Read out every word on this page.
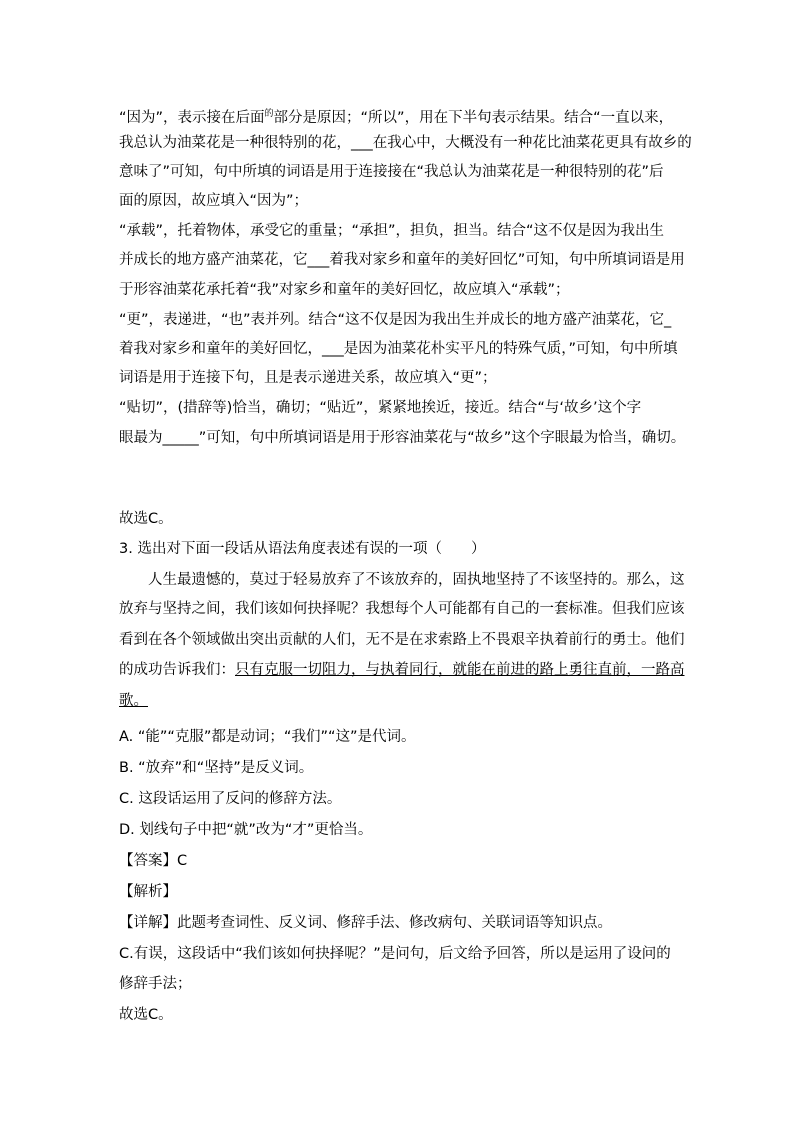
“因为”，表示接在后面$^的$部分是原因；“所以”，用在下半句表示结果。结合“一直以来，
我总认为油菜花是一种很特别的花，___在我心中，大概没有一种花比油菜花更具有故乡的
意味了”可知，句中所填的词语是用于连接接在“我总认为油菜花是一种很特别的花”后
面的原因，故应填入“因为”；
“承载”，托着物体，承受它的重量；“承担”，担负，担当。结合“这不仅是因为我出生
并成长的地方盛产油菜花，它___着我对家乡和童年的美好回忆”可知，句中所填词语是用
于形容油菜花承托着“我”对家乡和童年的美好回忆，故应填入“承载”；
“更”，表递进，“也”表并列。结合“这不仅是因为我出生并成长的地方盛产油菜花，它_
着我对家乡和童年的美好回忆，___是因为油菜花朴实平凡的特殊气质，”可知，句中所填
词语是用于连接下句，且是表示递进关系，故应填入“更”；
“贴切”，(措辞等)恰当，确切；“贴近”，紧紧地挨近，接近。结合“与‘故乡’这个字
眼最为_____”可知，句中所填词语是用于形容油菜花与“故乡”这个字眼最为恰当，确切。
故选C。
3. 选出对下面一段话从语法角度表述有误的一项（　　）
人生最遗憾的，莫过于轻易放弃了不该放弃的，固执地坚持了不该坚持的。那么，这
放弃与坚持之间，我们该如何抉择呢？我想每个人可能都有自己的一套标准。但我们应该
看到在各个领域做出突出贡献的人们，无不是在求索路上不畏艰辛执着前行的勇士。他们
的成功告诉我们：只有克服一切阻力，与执着同行，就能在前进的路上勇往直前，一路高
歌。
A. “能”“克服”都是动词；“我们”“这”是代词。
B. “放弃”和“坚持”是反义词。
C. 这段话运用了反问的修辞方法。
D. 划线句子中把“就”改为“才”更恰当。
【答案】C
【解析】
【详解】此题考查词性、反义词、修辞手法、修改病句、关联词语等知识点。
C.有误，这段话中“我们该如何抉择呢？”是问句，后文给予回答，所以是运用了设问的
修辞手法；
故选C。
